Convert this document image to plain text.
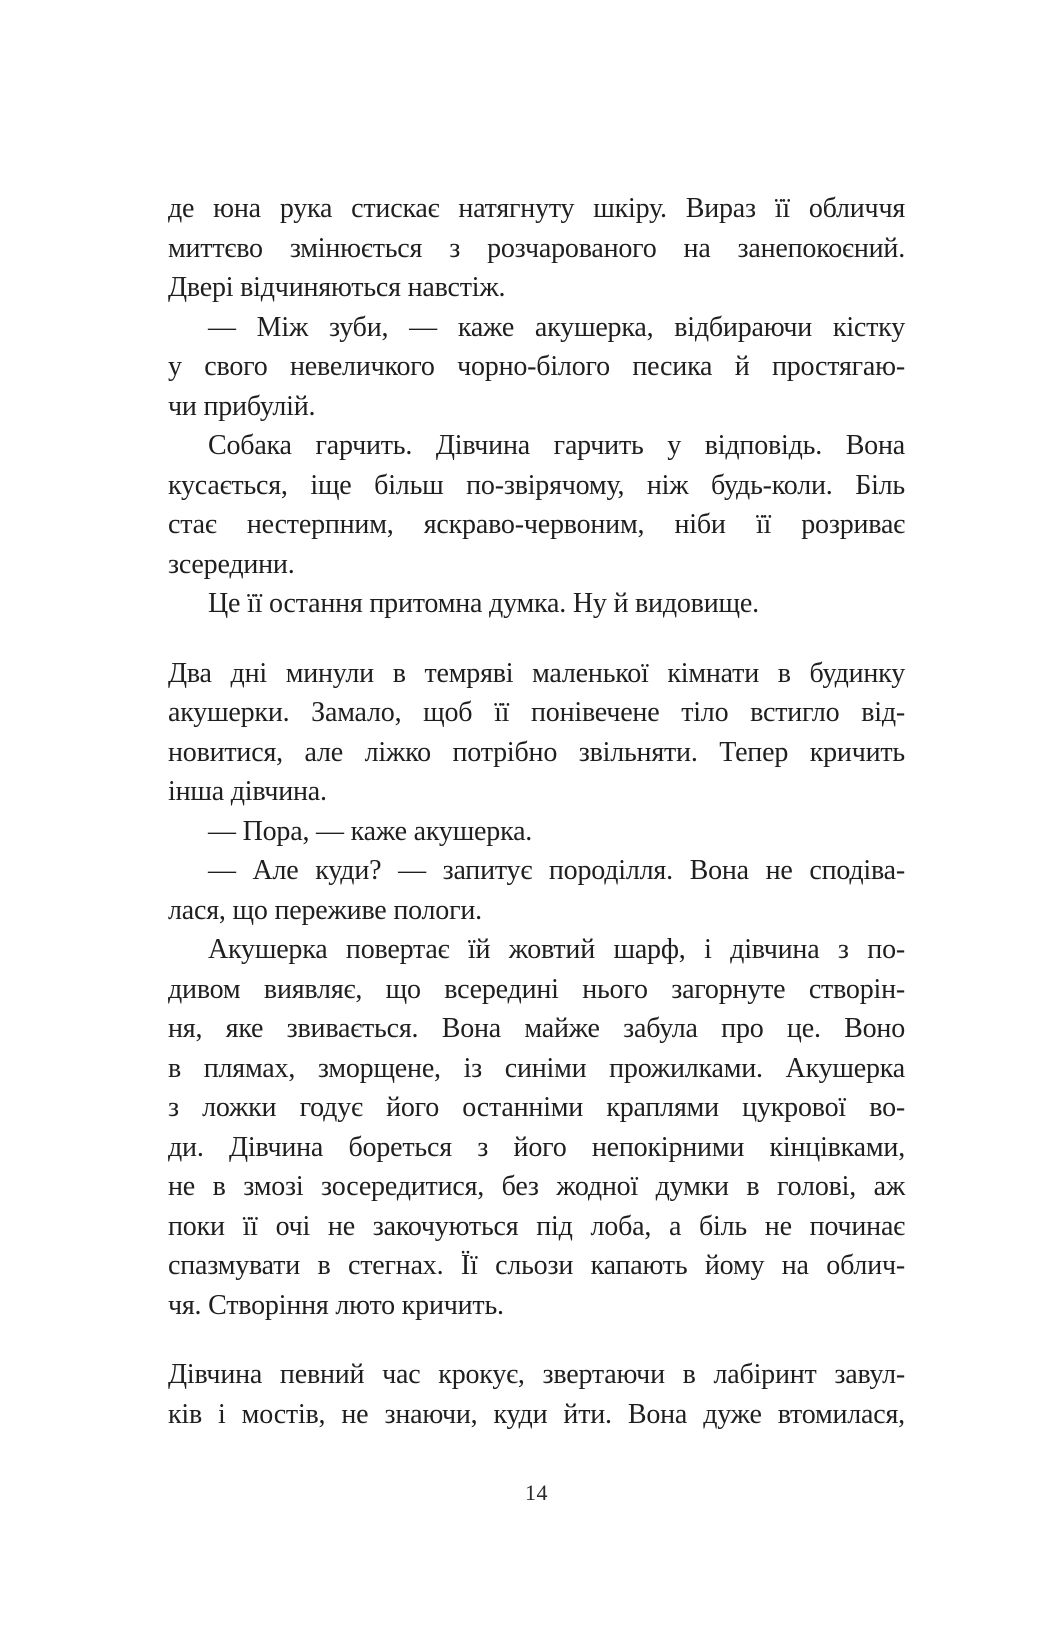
де юна рука стискає натягнуту шкіру. Вираз її обличчя
миттєво змінюється з розчарованого на занепокоєний.
Двері відчиняються навстіж.
— Між зуби, — каже акушерка, відбираючи кістку
у свого невеличкого чорно-білого песика й простягаю-
чи прибулій.
Собака гарчить. Дівчина гарчить у відповідь. Вона
кусається, іще більш по-звірячому, ніж будь-коли. Біль
стає нестерпним, яскраво-червоним, ніби її розриває
зсередини.
Це її остання притомна думка. Ну й видовище.
Два дні минули в темряві маленької кімнати в будинку
акушерки. Замало, щоб її понівечене тіло встигло від-
новитися, але ліжко потрібно звільняти. Тепер кричить
інша дівчина.
— Пора, — каже акушерка.
— Але куди? — запитує породілля. Вона не сподіва-
лася, що переживе пологи.
Акушерка повертає їй жовтий шарф, і дівчина з по-
дивом виявляє, що всередині нього загорнуте створін-
ня, яке звивається. Вона майже забула про це. Воно
в плямах, зморщене, із синіми прожилками. Акушерка
з ложки годує його останніми краплями цукрової во-
ди. Дівчина бореться з його непокірними кінцівками,
не в змозі зосередитися, без жодної думки в голові, аж
поки її очі не закочуються під лоба, а біль не починає
спазмувати в стегнах. Її сльози капають йому на облич-
чя. Створіння люто кричить.
Дівчина певний час крокує, звертаючи в лабіринт завул-
ків і мостів, не знаючи, куди йти. Вона дуже втомилася,
14
